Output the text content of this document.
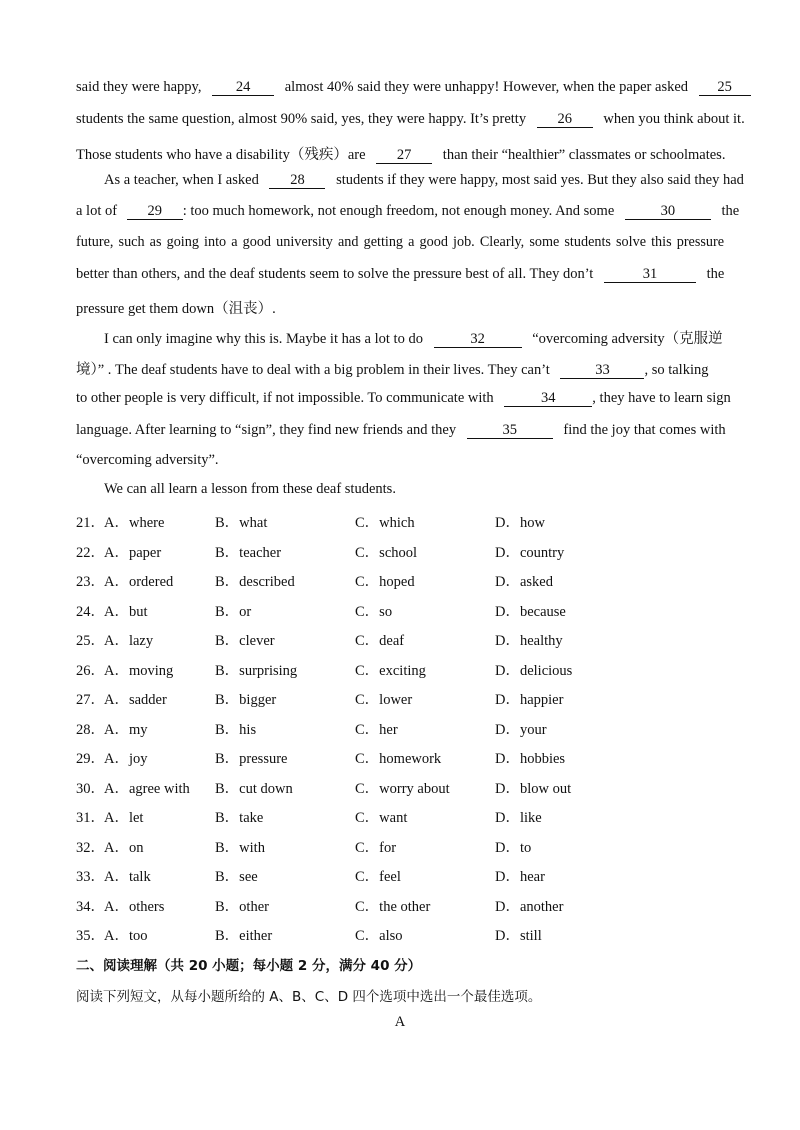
said they were happy, 24 almost 40% said they were unhappy! However, when the paper asked 25
students the same question, almost 90% said, yes, they were happy. It’s pretty 26 when you think about it.
Those students who have a disability（残疾）are 27 than their “healthier” classmates or schoolmates.
As a teacher, when I asked 28 students if they were happy, most said yes. But they also said they had
a lot of 29 : too much homework, not enough freedom, not enough money. And some	30	the
future, such as going into a good university and getting a good job. Clearly, some students solve this pressure
better than others, and the deaf students seem to solve the pressure best of all. They don’t	31	the
pressure get them down（沮丧）.
I can only imagine why this is. Maybe it has a lot to do	32	“overcoming adversity（克服逆
境）” . The deaf students have to deal with a big problem in their lives. They can’t	33 , so talking
to other people is very difficult, if not impossible. To communicate with	34	, they have to learn sign
language. After learning to “sign”, they find new friends and they	35	find the joy that comes with
“overcoming adversity”.
We can all learn a lesson from these deaf students.
21． A．where	B．what	C．which	D．how
22． A．paper	B．teacher	C．school	D．country
23． A．ordered	B．described	C．hoped	D．asked
24． A．but	B．or	C．so	D．because
25． A．lazy	B．clever	C．deaf	D．healthy
26． A．moving	B．surprising	C．exciting	D．delicious
27． A．sadder	B．bigger	C．lower	D．happier
28． A．my	B．his	C．her	D．your
29． A．joy	B．pressure	C．homework	D．hobbies
30． A．agree with B．cut down	C．worry about	D．blow out
31． A．let	B．take	C．want	D．like
32． A．on	B．with	C．for	D．to
33． A．talk	B．see	C．feel	D．hear
34． A．others	B．other	C．the other	D．another
35． A．too	B．either	C．also	D．still
二、阅读理解（共 20 小题；每小题 2 分，满分 40 分）
阅读下列短文，从每小题所给的 A、B、C、D 四个选项中选出一个最佳选项。
A
